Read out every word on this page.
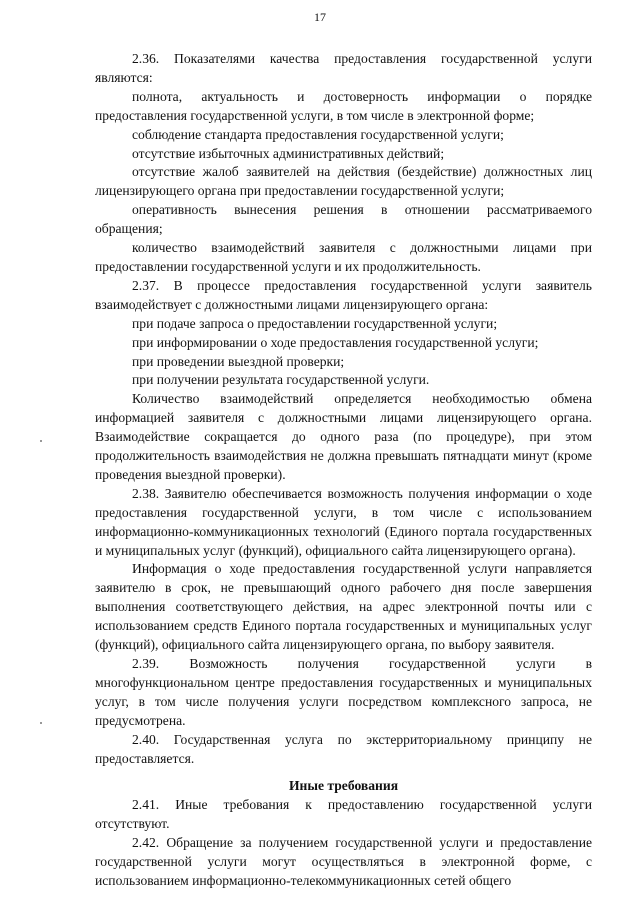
17

2.36. Показателями качества предоставления государственной услуги являются:

полнота, актуальность и достоверность информации о порядке предоставления государственной услуги, в том числе в электронной форме;

соблюдение стандарта предоставления государственной услуги;

отсутствие избыточных административных действий;

отсутствие жалоб заявителей на действия (бездействие) должностных лиц лицензирующего органа при предоставлении государственной услуги;

оперативность вынесения решения в отношении рассматриваемого обращения;

количество взаимодействий заявителя с должностными лицами при предоставлении государственной услуги и их продолжительность.

2.37. В процессе предоставления государственной услуги заявитель взаимодействует с должностными лицами лицензирующего органа:

при подаче запроса о предоставлении государственной услуги;

при информировании о ходе предоставления государственной услуги;

при проведении выездной проверки;

при получении результата государственной услуги.

Количество взаимодействий определяется необходимостью обмена информацией заявителя с должностными лицами лицензирующего органа. Взаимодействие сокращается до одного раза (по процедуре), при этом продолжительность взаимодействия не должна превышать пятнадцати минут (кроме проведения выездной проверки).

2.38. Заявителю обеспечивается возможность получения информации о ходе предоставления государственной услуги, в том числе с использованием информационно-коммуникационных технологий (Единого портала государственных и муниципальных услуг (функций), официального сайта лицензирующего органа).

Информация о ходе предоставления государственной услуги направляется заявителю в срок, не превышающий одного рабочего дня после завершения выполнения соответствующего действия, на адрес электронной почты или с использованием средств Единого портала государственных и муниципальных услуг (функций), официального сайта лицензирующего органа, по выбору заявителя.

2.39. Возможность получения государственной услуги в многофункциональном центре предоставления государственных и муниципальных услуг, в том числе получения услуги посредством комплексного запроса, не предусмотрена.

2.40. Государственная услуга по экстерриториальному принципу не предоставляется.

Иные требования

2.41. Иные требования к предоставлению государственной услуги отсутствуют.

2.42. Обращение за получением государственной услуги и предоставление государственной услуги могут осуществляться в электронной форме, с использованием информационно-телекоммуникационных сетей общего
